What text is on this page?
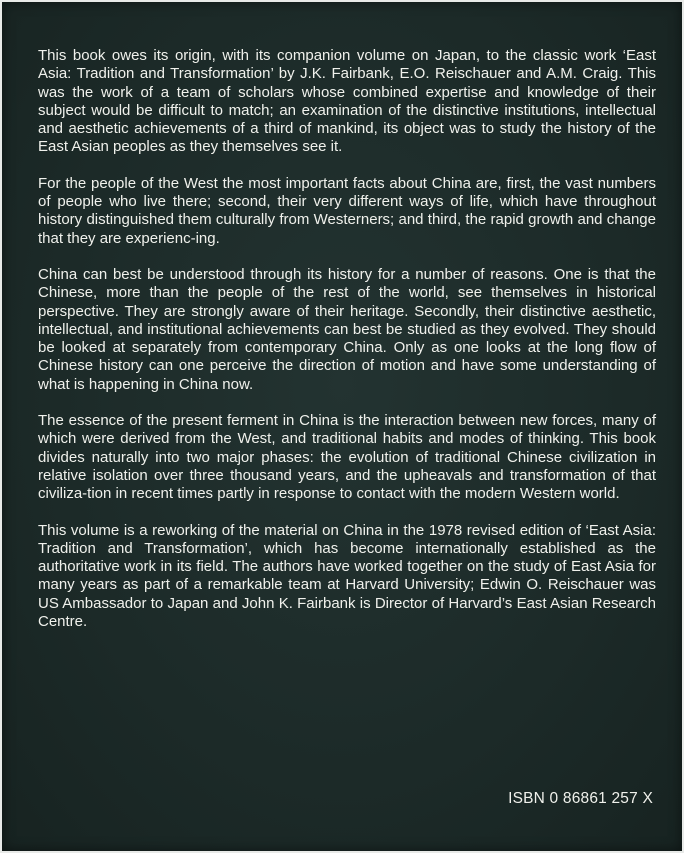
This book owes its origin, with its companion volume on Japan, to the classic work ‘East Asia: Tradition and Transformation’ by J.K. Fairbank, E.O. Reischauer and A.M. Craig. This was the work of a team of scholars whose combined expertise and knowledge of their subject would be difficult to match; an examination of the distinctive institutions, intellectual and aesthetic achievements of a third of mankind, its object was to study the history of the East Asian peoples as they themselves see it.

For the people of the West the most important facts about China are, first, the vast numbers of people who live there; second, their very different ways of life, which have throughout history distinguished them culturally from Westerners; and third, the rapid growth and change that they are experienc-ing.

China can best be understood through its history for a number of reasons. One is that the Chinese, more than the people of the rest of the world, see themselves in historical perspective. They are strongly aware of their heritage. Secondly, their distinctive aesthetic, intellectual, and institutional achievements can best be studied as they evolved. They should be looked at separately from contemporary China. Only as one looks at the long flow of Chinese history can one perceive the direction of motion and have some understanding of what is happening in China now.

The essence of the present ferment in China is the interaction between new forces, many of which were derived from the West, and traditional habits and modes of thinking. This book divides naturally into two major phases: the evolution of traditional Chinese civilization in relative isolation over three thousand years, and the upheavals and transformation of that civiliza-tion in recent times partly in response to contact with the modern Western world.

This volume is a reworking of the material on China in the 1978 revised edition of ‘East Asia: Tradition and Transformation’, which has become internationally established as the authoritative work in its field. The authors have worked together on the study of East Asia for many years as part of a remarkable team at Harvard University; Edwin O. Reischauer was US Ambassador to Japan and John K. Fairbank is Director of Harvard’s East Asian Research Centre.

ISBN 0 86861 257 X
